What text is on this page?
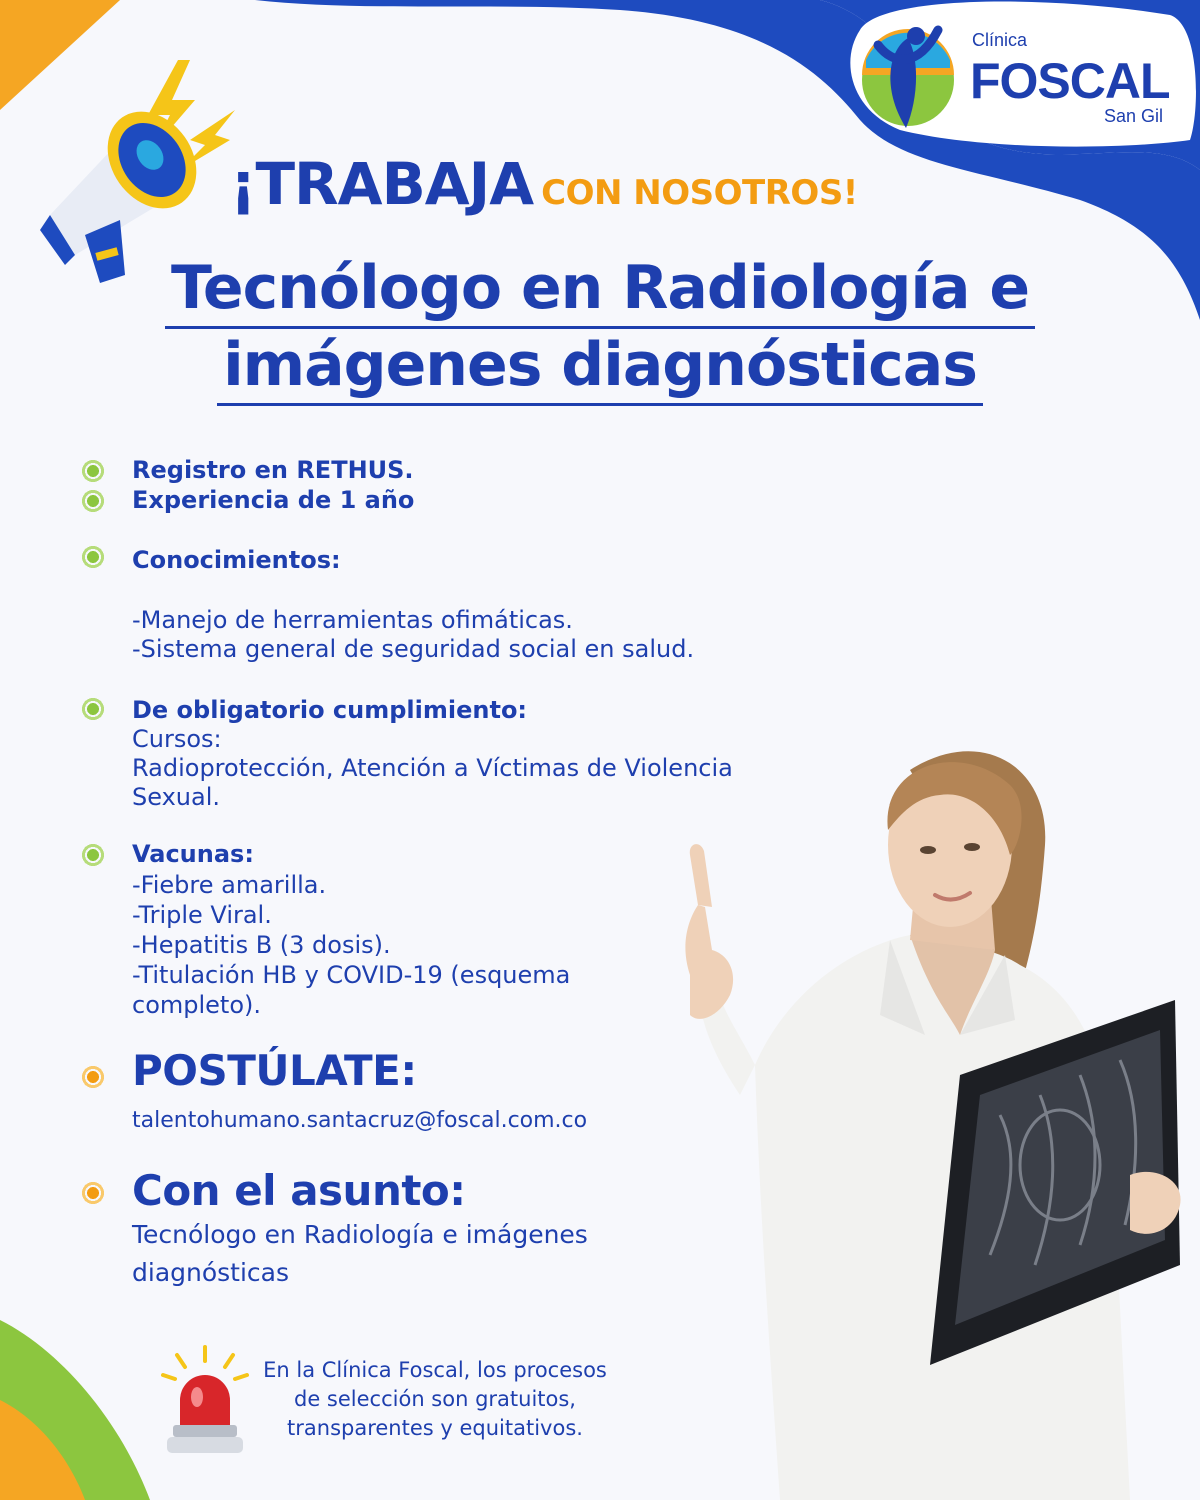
Clínica
FOSCAL
San Gil
¡TRABAJA CON NOSOTROS!
Tecnólogo en Radiología e
imágenes diagnósticas
Registro en RETHUS.
Experiencia de 1 año
Conocimientos:
-Manejo de herramientas ofimáticas.
-Sistema general de seguridad social en salud.
De obligatorio cumplimiento:
Cursos:
Radioprotección, Atención a Víctimas de Violencia
Sexual.
Vacunas:
-Fiebre amarilla.
-Triple Viral.
-Hepatitis B (3 dosis).
-Titulación HB y COVID-19 (esquema
completo).
POSTÚLATE:
talentohumano.santacruz@foscal.com.co
Con el asunto:
Tecnólogo en Radiología e imágenes
diagnósticas
En la Clínica Foscal, los procesos
de selección son gratuitos,
transparentes y equitativos.
